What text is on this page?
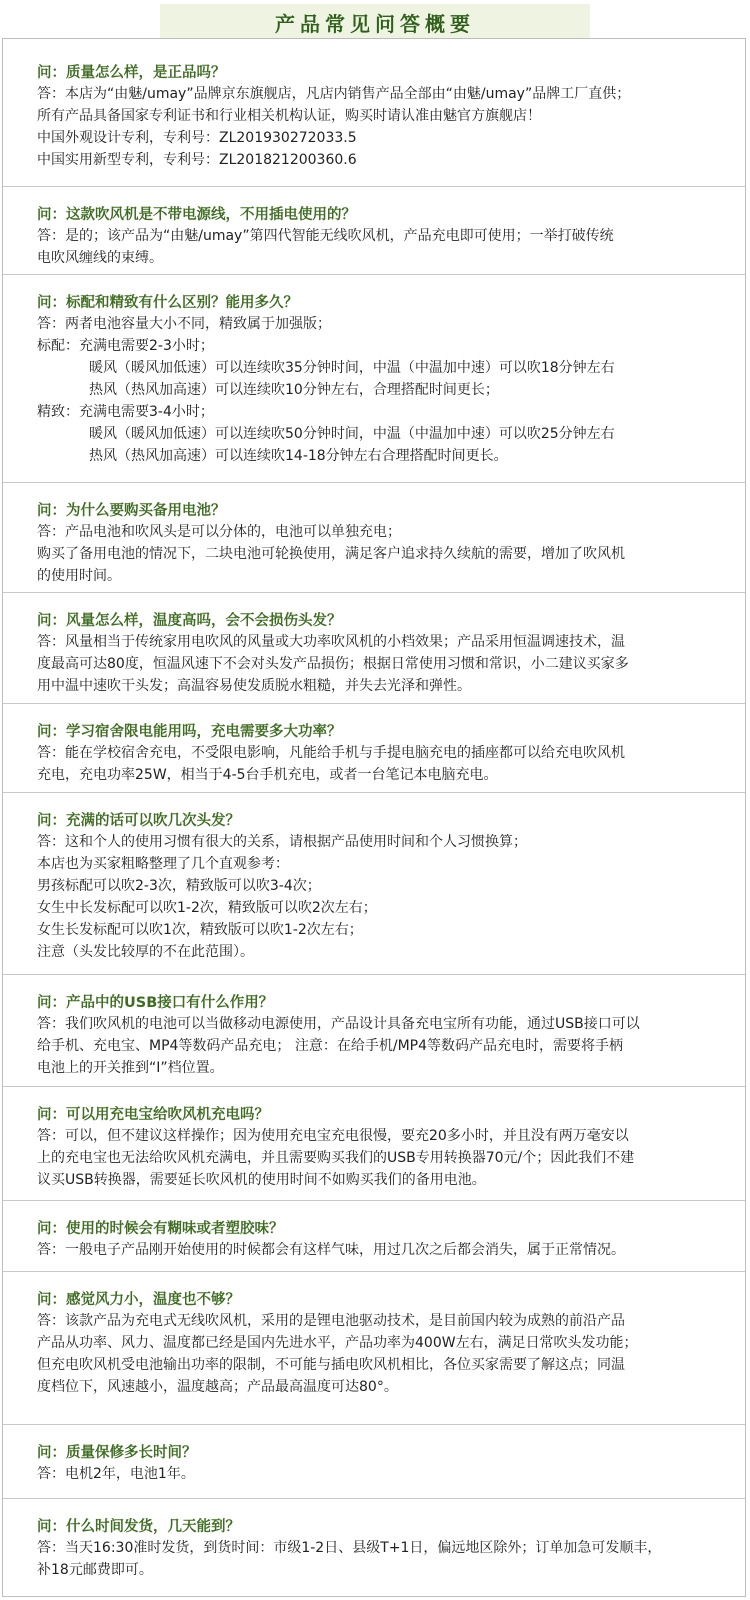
产品常见问答概要
问：质量怎么样，是正品吗？
答：本店为“由魅/umay”品牌京东旗舰店，凡店内销售产品全部由“由魅/umay”品牌工厂直供；
所有产品具备国家专利证书和行业相关机构认证，购买时请认准由魅官方旗舰店！
中国外观设计专利，专利号：ZL201930272033.5
中国实用新型专利，专利号：ZL201821200360.6
问：这款吹风机是不带电源线，不用插电使用的？
答：是的；该产品为“由魅/umay”第四代智能无线吹风机，产品充电即可使用；一举打破传统
电吹风缠线的束缚。
问：标配和精致有什么区别？能用多久？
答：两者电池容量大小不同，精致属于加强版；
标配：充满电需要2-3小时；
暖风（暖风加低速）可以连续吹35分钟时间，中温（中温加中速）可以吹18分钟左右
热风（热风加高速）可以连续吹10分钟左右，合理搭配时间更长；
精致：充满电需要3-4小时；
暖风（暖风加低速）可以连续吹50分钟时间，中温（中温加中速）可以吹25分钟左右
热风（热风加高速）可以连续吹14-18分钟左右合理搭配时间更长。
问：为什么要购买备用电池？
答：产品电池和吹风头是可以分体的，电池可以单独充电；
购买了备用电池的情况下，二块电池可轮换使用，满足客户追求持久续航的需要，增加了吹风机
的使用时间。
问：风量怎么样，温度高吗，会不会损伤头发？
答：风量相当于传统家用电吹风的风量或大功率吹风机的小档效果；产品采用恒温调速技术，温
度最高可达80度，恒温风速下不会对头发产品损伤；根据日常使用习惯和常识，小二建议买家多
用中温中速吹干头发；高温容易使发质脱水粗糙，并失去光泽和弹性。
问：学习宿舍限电能用吗，充电需要多大功率？
答：能在学校宿舍充电，不受限电影响，凡能给手机与手提电脑充电的插座都可以给充电吹风机
充电，充电功率25W，相当于4-5台手机充电，或者一台笔记本电脑充电。
问：充满的话可以吹几次头发？
答：这和个人的使用习惯有很大的关系，请根据产品使用时间和个人习惯换算；
本店也为买家粗略整理了几个直观参考：
男孩标配可以吹2-3次，精致版可以吹3-4次；
女生中长发标配可以吹1-2次，精致版可以吹2次左右；
女生长发标配可以吹1次，精致版可以吹1-2次左右；
注意（头发比较厚的不在此范围）。
问：产品中的USB接口有什么作用？
答：我们吹风机的电池可以当做移动电源使用，产品设计具备充电宝所有功能，通过USB接口可以
给手机、充电宝、MP4等数码产品充电； 注意：在给手机/MP4等数码产品充电时，需要将手柄
电池上的开关推到“I”档位置。
问：可以用充电宝给吹风机充电吗？
答：可以，但不建议这样操作；因为使用充电宝充电很慢，要充20多小时，并且没有两万毫安以
上的充电宝也无法给吹风机充满电，并且需要购买我们的USB专用转换器70元/个；因此我们不建
议买USB转换器，需要延长吹风机的使用时间不如购买我们的备用电池。
问：使用的时候会有糊味或者塑胶味？
答：一般电子产品刚开始使用的时候都会有这样气味，用过几次之后都会消失，属于正常情况。
问：感觉风力小，温度也不够？
答：该款产品为充电式无线吹风机，采用的是锂电池驱动技术，是目前国内较为成熟的前沿产品
产品从功率、风力、温度都已经是国内先进水平，产品功率为400W左右，满足日常吹头发功能；
但充电吹风机受电池输出功率的限制，不可能与插电吹风机相比，各位买家需要了解这点；同温
度档位下，风速越小，温度越高；产品最高温度可达80°。
问：质量保修多长时间？
答：电机2年，电池1年。
问：什么时间发货，几天能到？
答：当天16:30准时发货，到货时间：市级1-2日、县级T+1日，偏远地区除外；订单加急可发顺丰，
补18元邮费即可。
